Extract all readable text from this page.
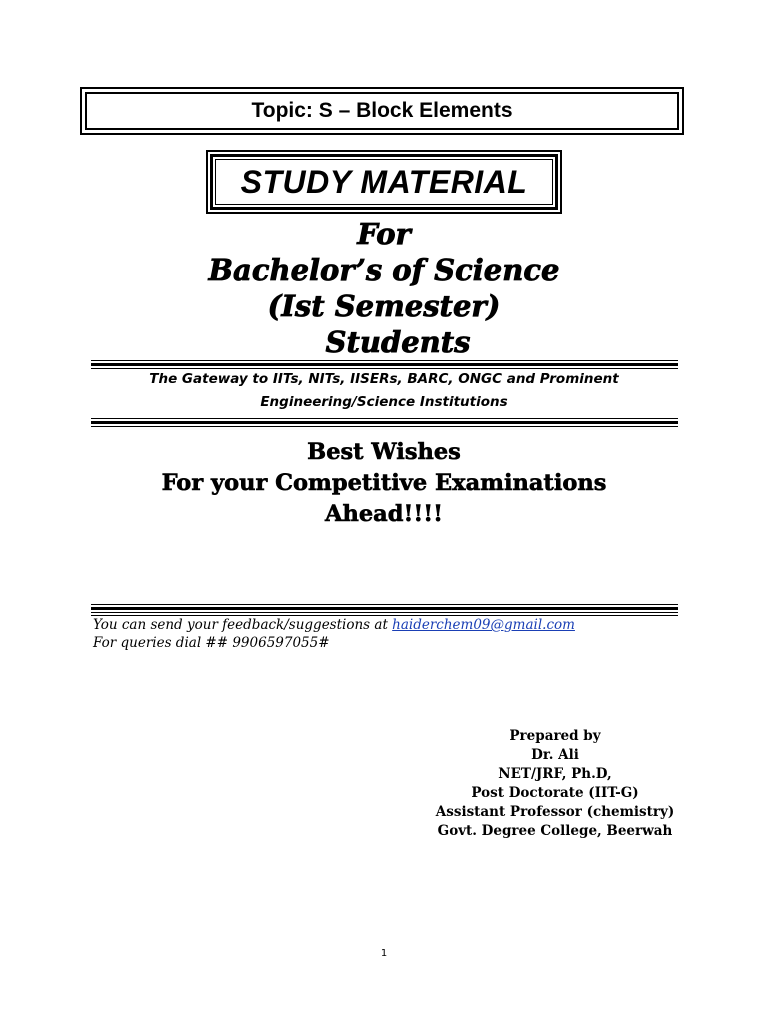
Topic: S – Block Elements
STUDY MATERIAL
For
Bachelor’s of Science
(Ist Semester)
Students
The Gateway to IITs, NITs, IISERs, BARC, ONGC and Prominent
Engineering/Science Institutions
Best Wishes
For your Competitive Examinations
Ahead!!!!
You can send your feedback/suggestions at haiderchem09@gmail.com
For queries dial ## 9906597055#
Prepared by
Dr. Ali
NET/JRF, Ph.D,
Post Doctorate (IIT-G)
Assistant Professor (chemistry)
Govt. Degree College, Beerwah
1
